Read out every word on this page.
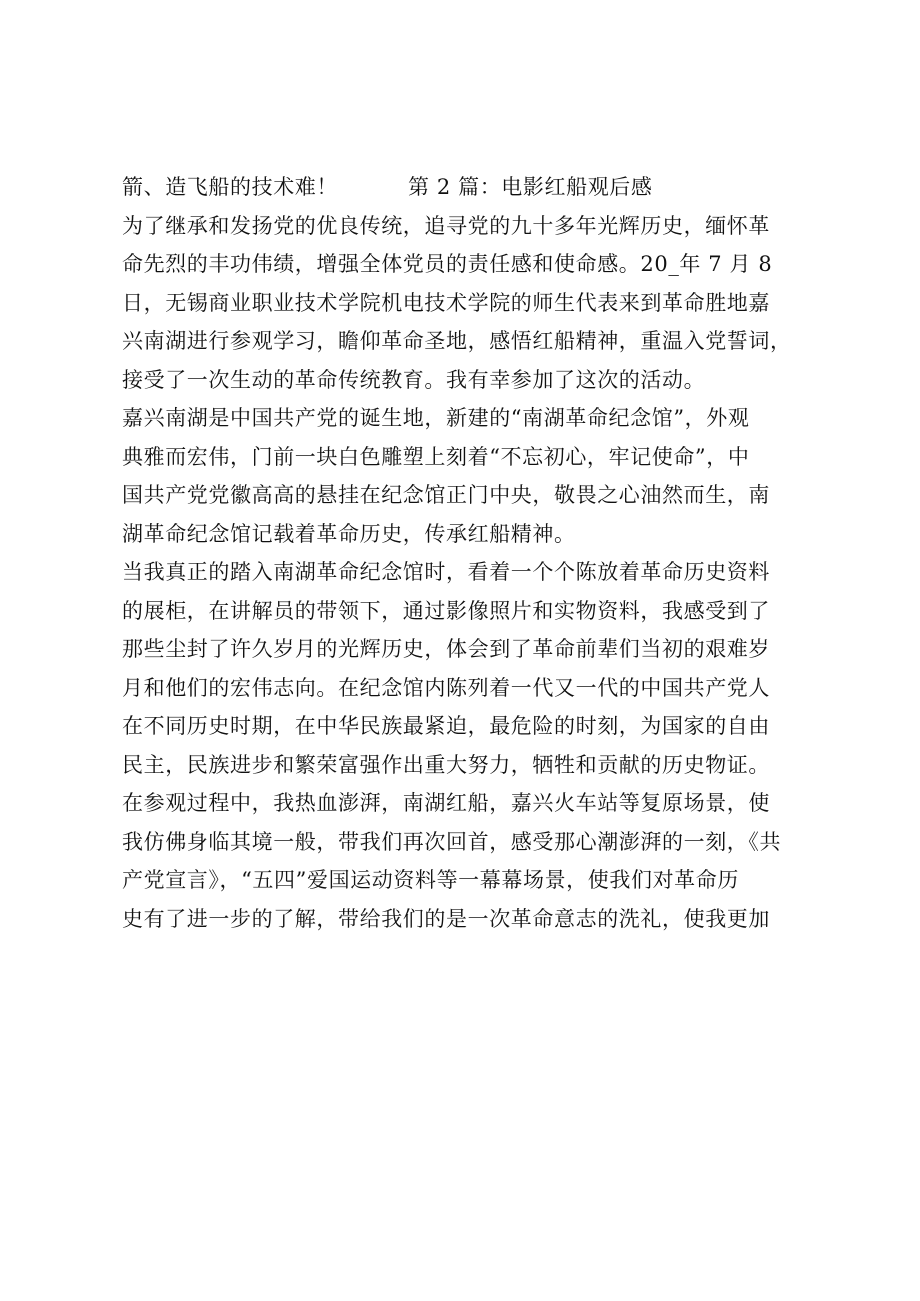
箭、造飞船的技术难！	第 2 篇：电影红船观后感
为了继承和发扬党的优良传统，追寻党的九十多年光辉历史，缅怀革
命先烈的丰功伟绩，增强全体党员的责任感和使命感。20_年 7 月 8
日，无锡商业职业技术学院机电技术学院的师生代表来到革命胜地嘉
兴南湖进行参观学习，瞻仰革命圣地，感悟红船精神，重温入党誓词，
接受了一次生动的革命传统教育。我有幸参加了这次的活动。
嘉兴南湖是中国共产党的诞生地，新建的“南湖革命纪念馆”，外观
典雅而宏伟，门前一块白色雕塑上刻着“不忘初心，牢记使命”，中
国共产党党徽高高的悬挂在纪念馆正门中央，敬畏之心油然而生，南
湖革命纪念馆记载着革命历史，传承红船精神。
当我真正的踏入南湖革命纪念馆时，看着一个个陈放着革命历史资料
的展柜，在讲解员的带领下，通过影像照片和实物资料，我感受到了
那些尘封了许久岁月的光辉历史，体会到了革命前辈们当初的艰难岁
月和他们的宏伟志向。在纪念馆内陈列着一代又一代的中国共产党人
在不同历史时期，在中华民族最紧迫，最危险的时刻，为国家的自由
民主，民族进步和繁荣富强作出重大努力，牺牲和贡献的历史物证。
在参观过程中，我热血澎湃，南湖红船，嘉兴火车站等复原场景，使
我仿佛身临其境一般，带我们再次回首，感受那心潮澎湃的一刻，《共
产党宣言》，“五四”爱国运动资料等一幕幕场景，使我们对革命历
史有了进一步的了解，带给我们的是一次革命意志的洗礼，使我更加
